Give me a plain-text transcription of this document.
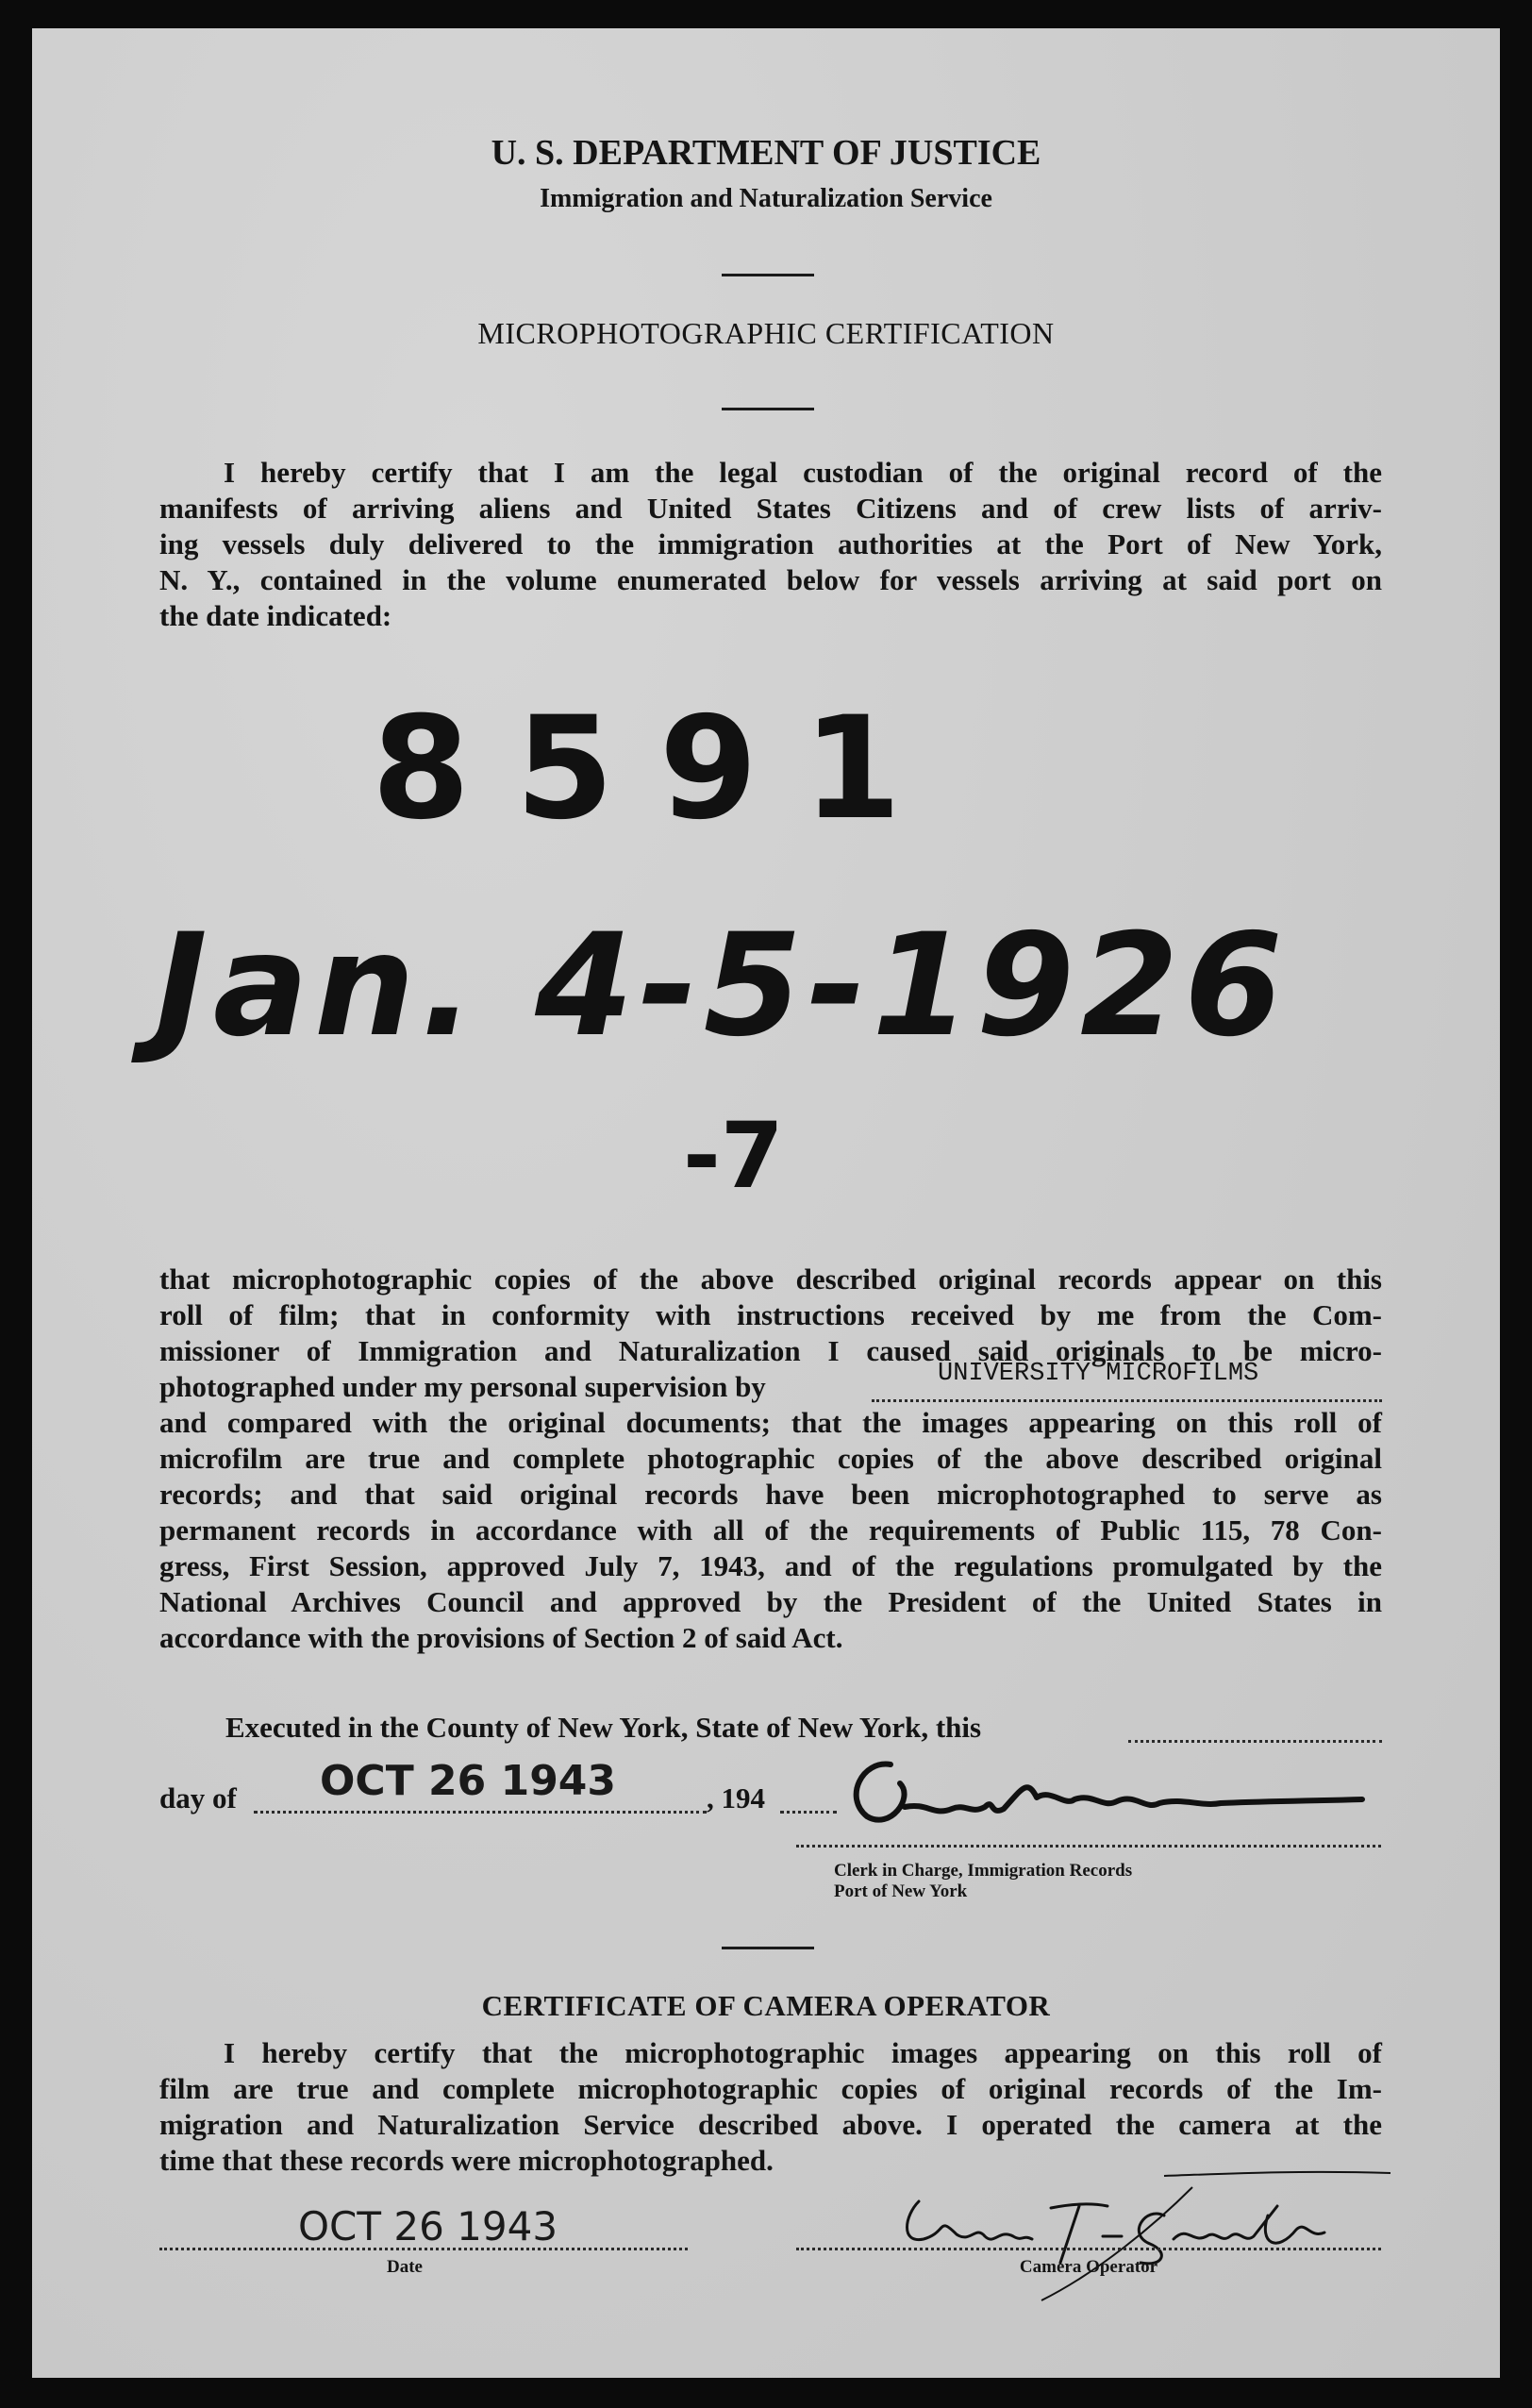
U. S. DEPARTMENT OF JUSTICE
Immigration and Naturalization Service
MICROPHOTOGRAPHIC CERTIFICATION

I hereby certify that I am the legal custodian of the original record of the

manifests of arriving aliens and United States Citizens and of crew lists of arriv-

ing vessels duly delivered to the immigration authorities at the Port of New York,

N. Y., contained in the volume enumerated below for vessels arriving at said port on

the date indicated:

8591
Jan. 4-5-1926
-7

that microphotographic copies of the above described original records appear on this

roll of film; that in conformity with instructions received by me from the Com-

missioner of Immigration and Naturalization I caused said originals to be micro-

photographed under my personal supervision by	UNIVERSITY MICROFILMS

and compared with the original documents; that the images appearing on this roll of

microfilm are true and complete photographic copies of the above described original

records; and that said original records have been microphotographed to serve as

permanent records in accordance with all of the requirements of Public 115, 78 Con-

gress, First Session, approved July 7, 1943, and of the regulations promulgated by the

National Archives Council and approved by the President of the United States in

accordance with the provisions of Section 2 of said Act.

Executed in the County of New York, State of New York, this
day of OCT 26 1943	, 194
Clerk in Charge, Immigration Records
Port of New York
CERTIFICATE OF CAMERA OPERATOR

I hereby certify that the microphotographic images appearing on this roll of

film are true and complete microphotographic copies of original records of the Im-

migration and Naturalization Service described above. I operated the camera at the

time that these records were microphotographed.

OCT 26 1943
Date	Camera Operator
